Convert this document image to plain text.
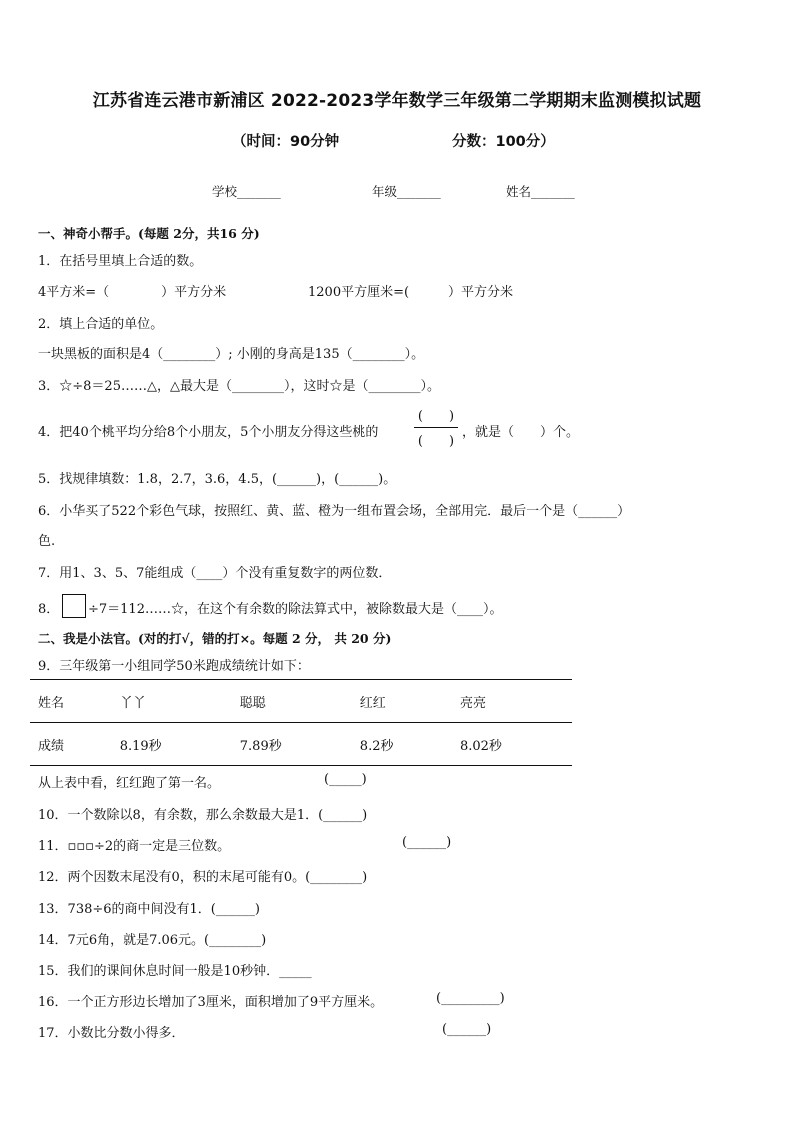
江苏省连云港市新浦区 2022-2023学年数学三年级第二学期期末监测模拟试题
（时间：90分钟	分数：100分）
学校_______	年级_______	姓名_______
一、神奇小帮手。(每题 2分，共16 分)
1．在括号里填上合适的数。
4平方米=（　　　　）平方分米	1200平方厘米=(　　　）平方分米
2．填上合适的单位。
一块黑板的面积是4（________）; 小刚的身高是135（________）。
3．☆÷8＝25……△，△最大是（________），这时☆是（________）。
4．把40个桃平均分给8个小朋友，5个小朋友分得这些桃的
(　　)
(　　)
，就是（　　）个。
5．找规律填数：1.8，2.7，3.6，4.5，(______)，(______)。
6．小华买了522个彩色气球，按照红、黄、蓝、橙为一组布置会场，全部用完．最后一个是（______）
色.
7．用1、3、5、7能组成（____）个没有重复数字的两位数．
8． ÷7＝112……☆，在这个有余数的除法算式中，被除数最大是（____）。
二、我是小法官。(对的打√，错的打×。每题 2 分， 共 20 分)
9．三年级第一小组同学50米跑成绩统计如下：
姓名	丫丫	聪聪	红红	亮亮
成绩	8.19秒	7.89秒	8.2秒	8.02秒
从上表中看，红红跑了第一名。	(_____)
10．一个数除以8，有余数，那么余数最大是1．(______)
11．▫▫▫÷2的商一定是三位数。	(______)
12．两个因数末尾没有0，积的末尾可能有0。(________)
13．738÷6的商中间没有1．(______)
14．7元6角，就是7.06元。(________)
15．我们的课间休息时间一般是10秒钟．_____
16．一个正方形边长增加了3厘米，面积增加了9平方厘米。	(_________)
17．小数比分数小得多．	(______)
